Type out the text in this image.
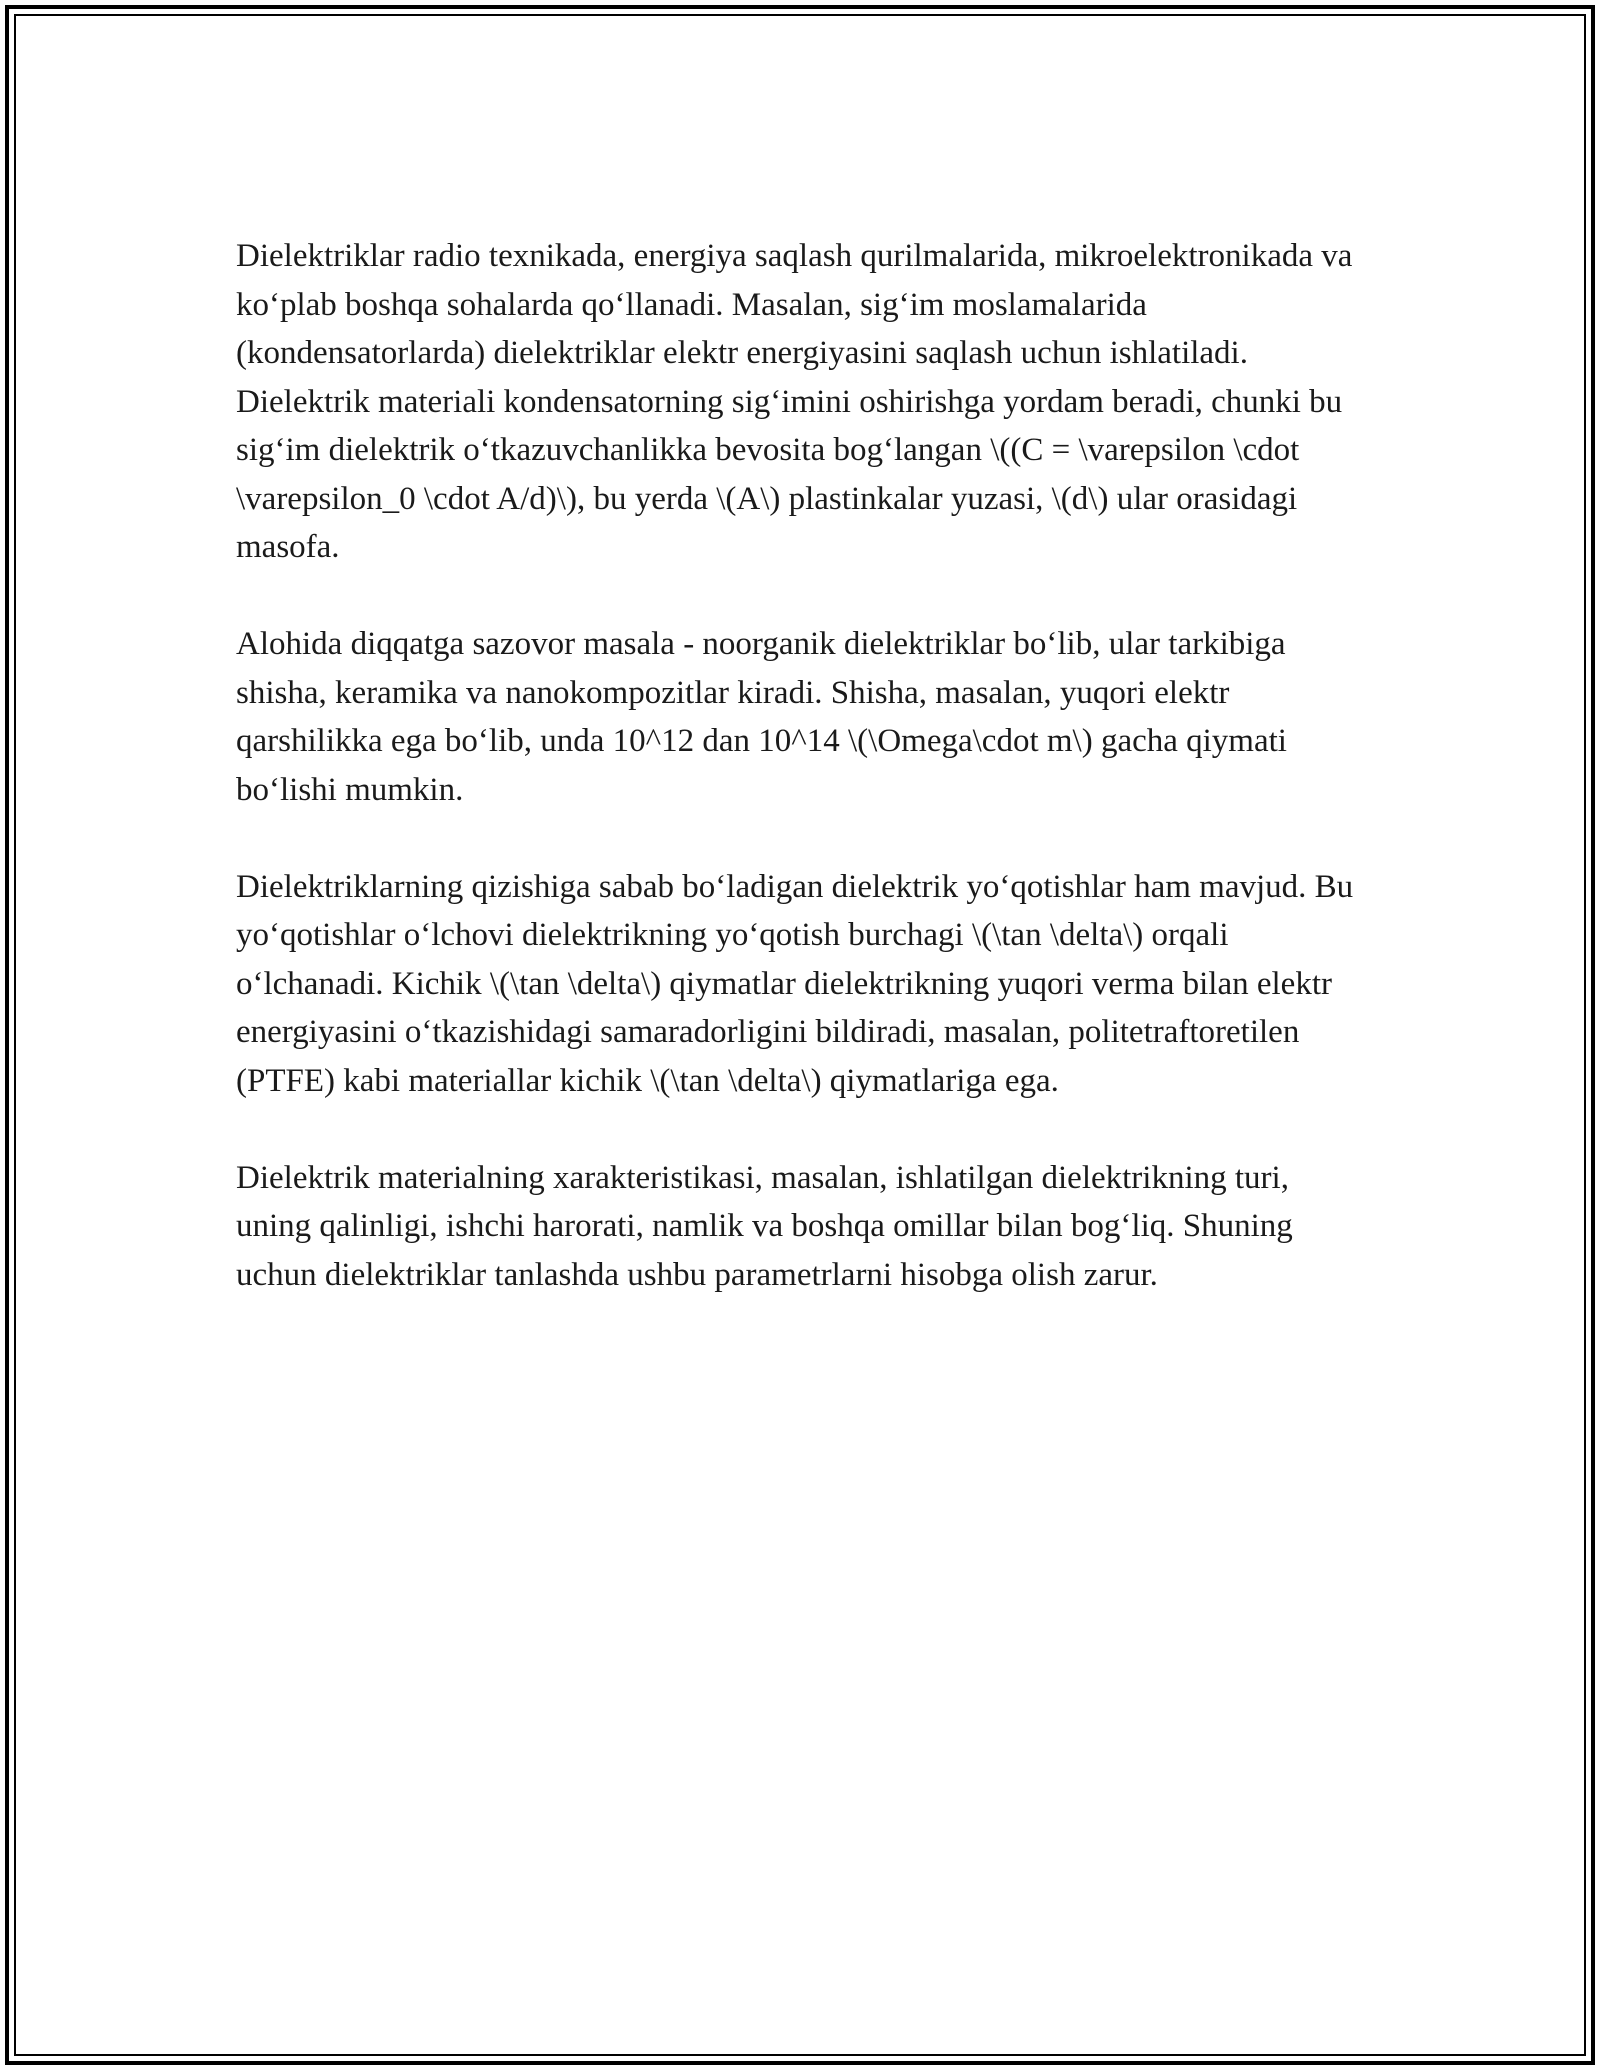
Dielektriklar radio texnikada, energiya saqlash qurilmalarida, mikroelektronikada va ko‘plab boshqa sohalarda qo‘llanadi. Masalan, sig‘im moslamalarida (kondensatorlarda) dielektriklar elektr energiyasini saqlash uchun ishlatiladi. Dielektrik materiali kondensatorning sig‘imini oshirishga yordam beradi, chunki bu sig‘im dielektrik o‘tkazuvchanlikka bevosita bog‘langan \((C = \varepsilon \cdot \varepsilon_0 \cdot A/d)\), bu yerda \(A\) plastinkalar yuzasi, \(d\) ular orasidagi masofa.

Alohida diqqatga sazovor masala - noorganik dielektriklar bo‘lib, ular tarkibiga shisha, keramika va nanokompozitlar kiradi. Shisha, masalan, yuqori elektr qarshilikka ega bo‘lib, unda 10^12 dan 10^14 \(\Omega\cdot m\) gacha qiymati bo‘lishi mumkin.

Dielektriklarning qizishiga sabab bo‘ladigan dielektrik yo‘qotishlar ham mavjud. Bu yo‘qotishlar o‘lchovi dielektrikning yo‘qotish burchagi \(\tan \delta\) orqali o‘lchanadi. Kichik \(\tan \delta\) qiymatlar dielektrikning yuqori verma bilan elektr energiyasini o‘tkazishidagi samaradorligini bildiradi, masalan, politetraftoretilen (PTFE) kabi materiallar kichik \(\tan \delta\) qiymatlariga ega.

Dielektrik materialning xarakteristikasi, masalan, ishlatilgan dielektrikning turi, uning qalinligi, ishchi harorati, namlik va boshqa omillar bilan bog‘liq. Shuning uchun dielektriklar tanlashda ushbu parametrlarni hisobga olish zarur.
